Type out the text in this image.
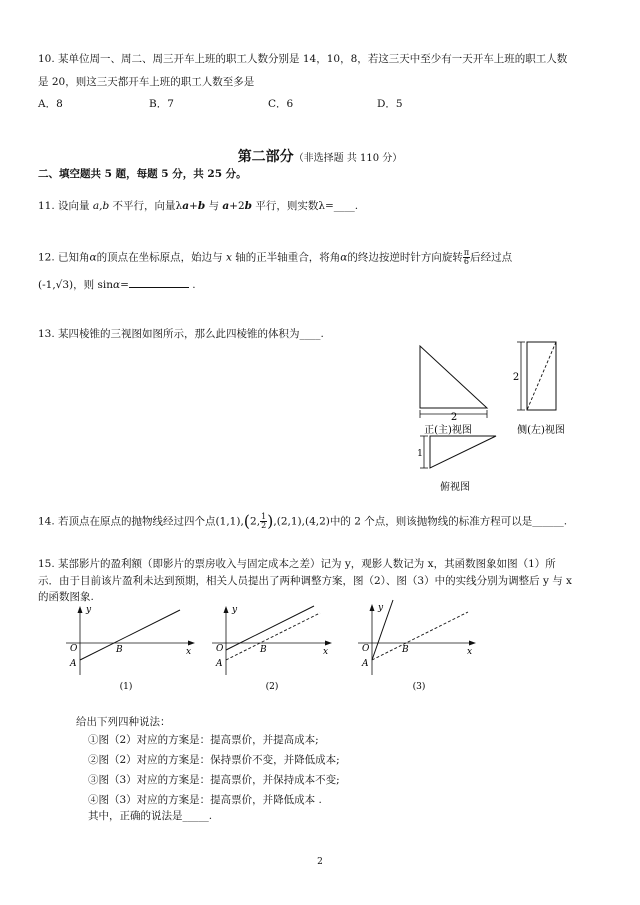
10. 某单位周一、周二、周三开车上班的职工人数分别是 14，10，8，若这三天中至少有一天开车上班的职工人数
是 20，则这三天都开车上班的职工人数至多是
A．8	B．7	C．6	D．5
第二部分（非选择题 共 110 分）
二、填空题共 5 题，每题 5 分，共 25 分。
11. 设向量 a,b 不平行，向量λa+b 与 a+2b 平行，则实数λ=____.
12. 已知角α的顶点在坐标原点，始边与 x 轴的正半轴重合，将角α的终边按逆时针方向旋转 $\frac{\pi}{6}$ 后经过点
(-1,√3)，则 sinα=	.
13. 某四棱锥的三视图如图所示，那么此四棱锥的体积为____.
2
正(主)视图
2
侧(左)视图
1
俯视图
14. 若顶点在原点的抛物线经过四个点(1,1),(2, $\frac{1}{2} ),(2,1),(4,2)$中的 2 个点，则该抛物线的标准方程可以是______.
15. 某部影片的盈利额（即影片的票房收入与固定成本之差）记为 y，观影人数记为 x，其函数图象如图（1）所
示．由于目前该片盈利未达到预期，相关人员提出了两种调整方案，图（2）、图（3）中的实线分别为调整后 y 与 x
的函数图象.
y
x
O
A
B
(1)
y
x
O
A
B
(2)
y
x
O
A
B
(3)
给出下列四种说法：
①图（2）对应的方案是：提高票价，并提高成本;
②图（2）对应的方案是：保持票价不变，并降低成本;
③图（3）对应的方案是：提高票价，并保持成本不变;
④图（3）对应的方案是：提高票价，并降低成本 .
其中，正确的说法是_____.
2
